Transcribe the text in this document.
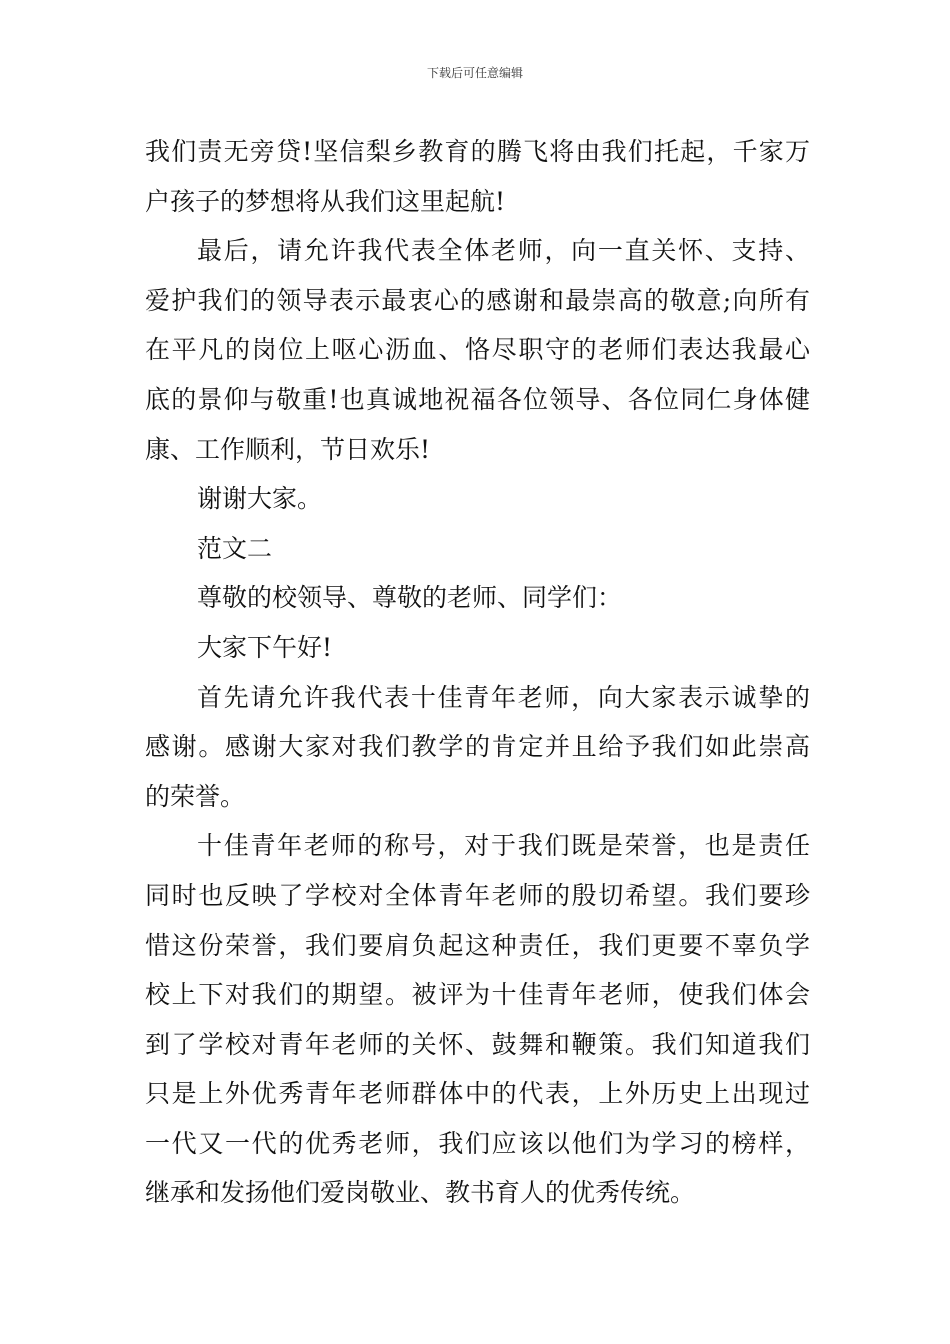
下载后可任意编辑
我们责无旁贷!坚信梨乡教育的腾飞将由我们托起，千家万
户孩子的梦想将从我们这里起航!
最后，请允许我代表全体老师，向一直关怀、支持、
爱护我们的领导表示最衷心的感谢和最崇高的敬意;向所有
在平凡的岗位上呕心沥血、恪尽职守的老师们表达我最心
底的景仰与敬重!也真诚地祝福各位领导、各位同仁身体健
康、工作顺利，节日欢乐!
谢谢大家。
范文二
尊敬的校领导、尊敬的老师、同学们：
大家下午好!
首先请允许我代表十佳青年老师，向大家表示诚挚的
感谢。感谢大家对我们教学的肯定并且给予我们如此崇高
的荣誉。
十佳青年老师的称号，对于我们既是荣誉，也是责任
同时也反映了学校对全体青年老师的殷切希望。我们要珍
惜这份荣誉，我们要肩负起这种责任，我们更要不辜负学
校上下对我们的期望。被评为十佳青年老师，使我们体会
到了学校对青年老师的关怀、鼓舞和鞭策。我们知道我们
只是上外优秀青年老师群体中的代表，上外历史上出现过
一代又一代的优秀老师，我们应该以他们为学习的榜样，
继承和发扬他们爱岗敬业、教书育人的优秀传统。
